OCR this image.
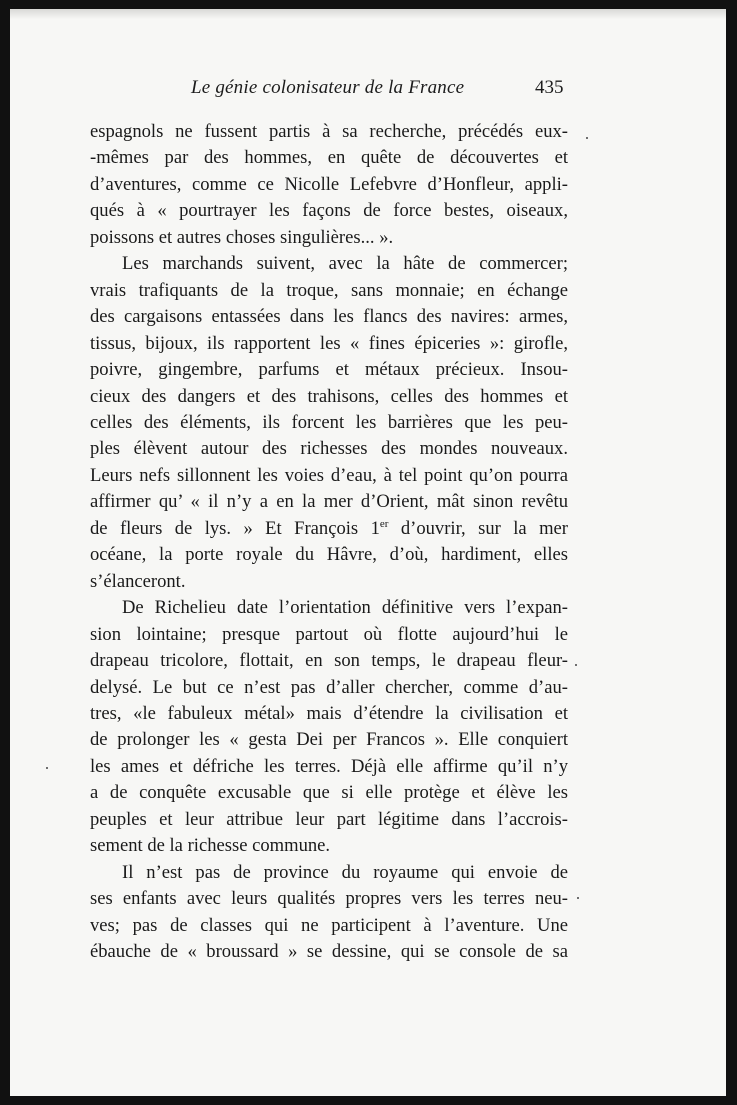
Le génie colonisateur de la France	435

espagnols ne fussent partis à sa recherche, précédés eux-
-mêmes par des hommes, en quête de découvertes et
d’aventures, comme ce Nicolle Lefebvre d’Honfleur, appli-
qués à « pourtrayer les façons de force bestes, oiseaux,
poissons et autres choses singulières... ».

Les marchands suivent, avec la hâte de commercer;
vrais trafiquants de la troque, sans monnaie; en échange
des cargaisons entassées dans les flancs des navires: armes,
tissus, bijoux, ils rapportent les « fines épiceries »: girofle,
poivre, gingembre, parfums et métaux précieux. Insou-
cieux des dangers et des trahisons, celles des hommes et
celles des éléments, ils forcent les barrières que les peu-
ples élèvent autour des richesses des mondes nouveaux.
Leurs nefs sillonnent les voies d’eau, à tel point qu’on pourra
affirmer qu’ « il n’y a en la mer d’Orient, mât sinon revêtu
de fleurs de lys. » Et François 1er d’ouvrir, sur la mer
océane, la porte royale du Hâvre, d’où, hardiment, elles
s’élanceront.

De Richelieu date l’orientation définitive vers l’expan-
sion lointaine; presque partout où flotte aujourd’hui le
drapeau tricolore, flottait, en son temps, le drapeau fleur-
delysé. Le but ce n’est pas d’aller chercher, comme d’au-
tres, «le fabuleux métal» mais d’étendre la civilisation et
de prolonger les « gesta Dei per Francos ». Elle conquiert
les ames et défriche les terres. Déjà elle affirme qu’il n’y
a de conquête excusable que si elle protège et élève les
peuples et leur attribue leur part légitime dans l’accrois-
sement de la richesse commune.

Il n’est pas de province du royaume qui envoie de
ses enfants avec leurs qualités propres vers les terres neu-
ves; pas de classes qui ne participent à l’aventure. Une
ébauche de « broussard » se dessine, qui se console de sa
